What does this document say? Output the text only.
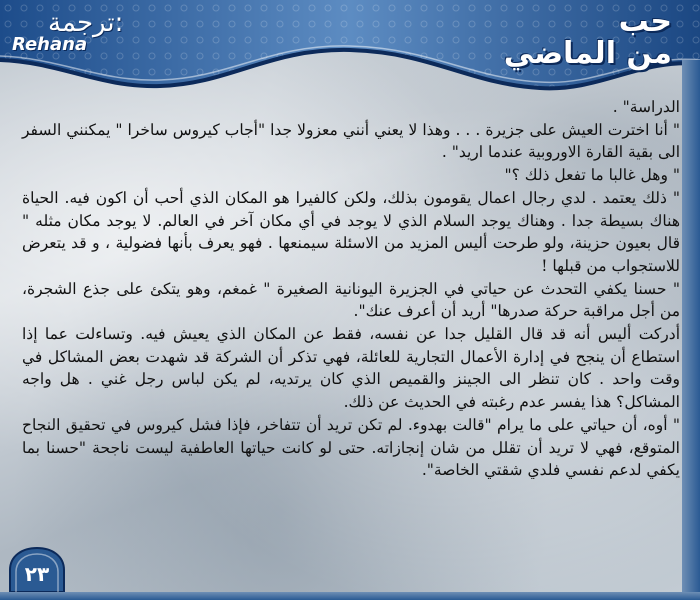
حب
من الماضي
ترجمة:
Rehana

الدراسة" .

" أنا اخترت العيش على جزيرة . . . وهذا لا يعني أنني معزولا جدا "أجاب كيروس ساخرا " يمكنني السفر الى بقية القارة الاوروبية عندما اريد" .

" وهل غالبا ما تفعل ذلك ؟"

" ذلك يعتمد . لدي رجال اعمال يقومون بذلك، ولكن كالفيرا هو المكان الذي أحب أن اكون فيه. الحياة هناك بسيطة جدا . وهناك يوجد السلام الذي لا يوجد في أي مكان آخر في العالم. لا يوجد مكان مثله " قال بعيون حزينة، ولو طرحت أليس المزيد من الاسئلة سيمنعها . فهو يعرف بأنها فضولية ، و قد يتعرض للاستجواب من قبلها !

" حسنا يكفي التحدث عن حياتي في الجزيرة اليونانية الصغيرة " غمغم، وهو يتكئ على جذع الشجرة، من أجل مراقبة حركة صدرها" أريد أن أعرف عنك".

أدركت أليس أنه قد قال القليل جدا عن نفسه، فقط عن المكان الذي يعيش فيه. وتساءلت عما إذا استطاع أن ينجح في إدارة الأعمال التجارية للعائلة، فهي تذكر أن الشركة قد شهدت بعض المشاكل في وقت واحد . كان تنظر الى الجينز والقميص الذي كان يرتديه، لم يكن لباس رجل غني . هل واجه المشاكل؟ هذا يفسر عدم رغبته في الحديث عن ذلك.

" أوه، أن حياتي على ما يرام "قالت بهدوء. لم تكن تريد أن تتفاخر، فإذا فشل كيروس في تحقيق النجاح المتوقع، فهي لا تريد أن تقلل من شان إنجازاته. حتى لو كانت حياتها العاطفية ليست ناجحة "حسنا بما يكفي لدعم نفسي فلدي شقتي الخاصة".

٢٣
